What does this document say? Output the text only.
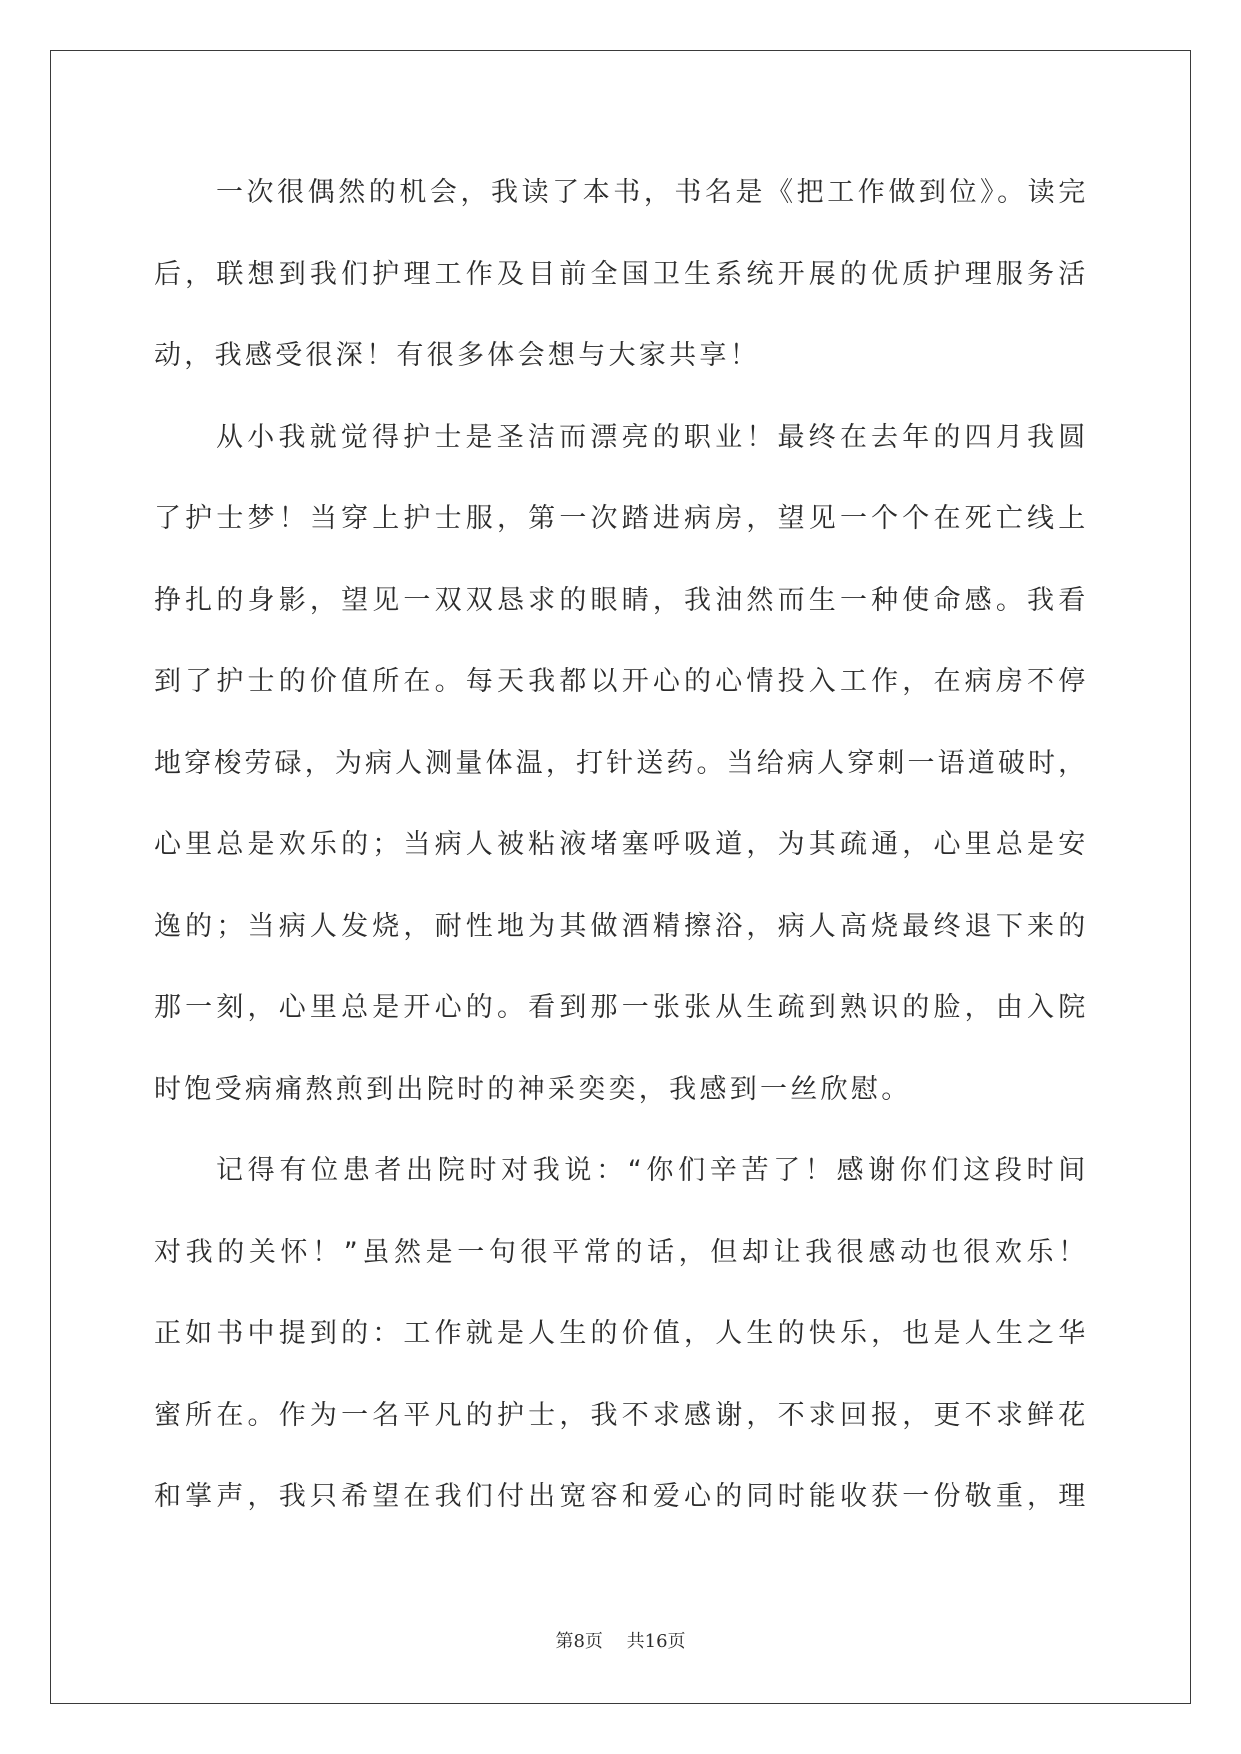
一次很偶然的机会，我读了本书，书名是《把工作做到位》。读完
后，联想到我们护理工作及目前全国卫生系统开展的优质护理服务活
动，我感受很深！有很多体会想与大家共享！
从小我就觉得护士是圣洁而漂亮的职业！最终在去年的四月我圆
了护士梦！当穿上护士服，第一次踏进病房，望见一个个在死亡线上
挣扎的身影，望见一双双恳求的眼睛，我油然而生一种使命感。我看
到了护士的价值所在。每天我都以开心的心情投入工作，在病房不停
地穿梭劳碌，为病人测量体温，打针送药。当给病人穿刺一语道破时，
心里总是欢乐的；当病人被粘液堵塞呼吸道，为其疏通，心里总是安
逸的；当病人发烧，耐性地为其做酒精擦浴，病人高烧最终退下来的
那一刻，心里总是开心的。看到那一张张从生疏到熟识的脸，由入院
时饱受病痛熬煎到出院时的神采奕奕，我感到一丝欣慰。
记得有位患者出院时对我说：“你们辛苦了！感谢你们这段时间
对我的关怀！”虽然是一句很平常的话，但却让我很感动也很欢乐！
正如书中提到的：工作就是人生的价值，人生的快乐，也是人生之华
蜜所在。作为一名平凡的护士，我不求感谢，不求回报，更不求鲜花
和掌声，我只希望在我们付出宽容和爱心的同时能收获一份敬重，理
第8页 共16页
